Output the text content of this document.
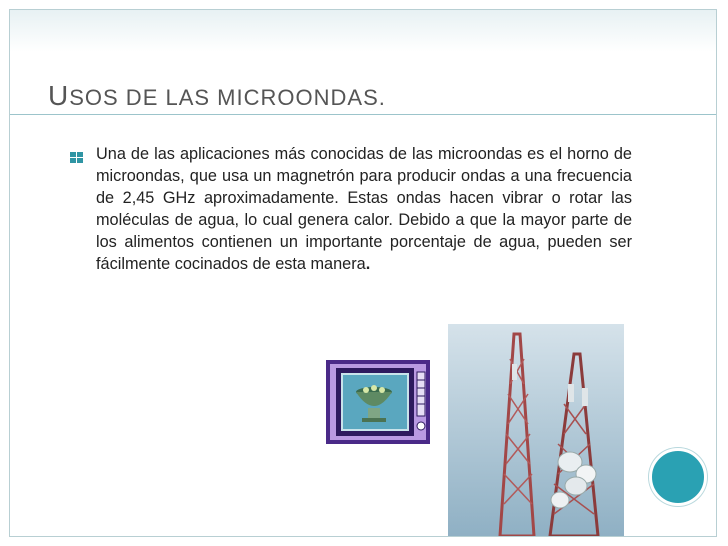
USOS DE LAS MICROONDAS.

Una de las aplicaciones más conocidas de las microondas es el horno de microondas, que usa un magnetrón para producir ondas a una frecuencia de 2,45 GHz aproximadamente. Estas ondas hacen vibrar o rotar las moléculas de agua, lo cual genera calor. Debido a que la mayor parte de los alimentos contienen un importante porcentaje de agua, pueden ser fácilmente cocinados de esta manera.
